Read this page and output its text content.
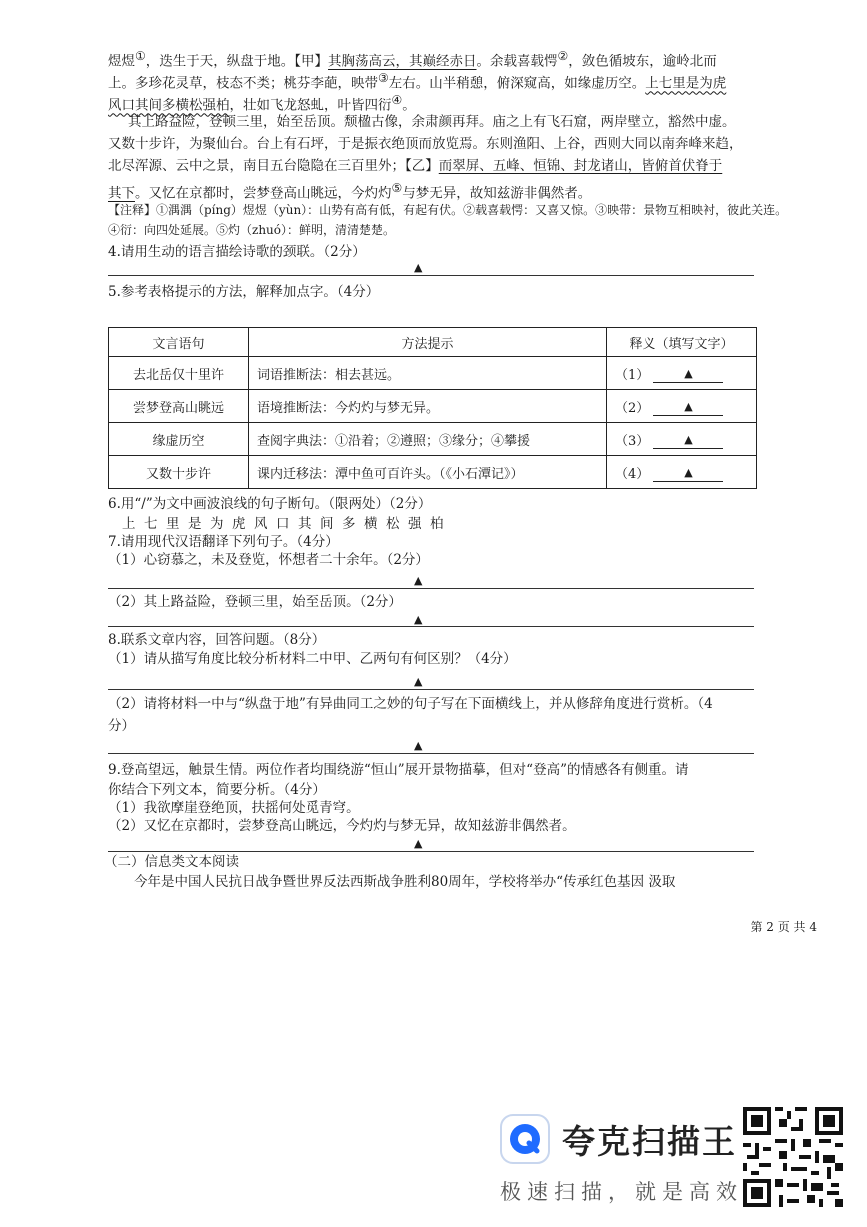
煜煜①，迭生于天，纵盘于地。【甲】其胸荡高云，其巅经赤日。余载喜载愕②，敛色循坡东，逾岭北而
上。多珍花灵草，枝态不类；桃芬李葩，映带③左右。山半稍憩，俯深窥高，如缘虚历空。上七里是为虎
风口其间多横松强柏，壮如飞龙怒虬，叶皆四衍④。
其上路益险，登顿三里，始至岳顶。颓楹古像，余肃颜再拜。庙之上有飞石窟，两岸壁立，豁然中虚。
又数十步许，为聚仙台。台上有石坪，于是振衣绝顶而放览焉。东则渔阳、上谷，西则大同以南奔峰来趋，
北尽浑源、云中之景，南目五台隐隐在三百里外；【乙】而翠屏、五峰、恒锦、封龙诸山，皆俯首伏脊于
其下。又忆在京都时，尝梦登高山眺远，今灼灼⑤与梦无异，故知兹游非偶然者。
【注释】①湡湡（píng）煜煜（yùn）：山势有高有低，有起有伏。②载喜载愕：又喜又惊。③映带：景物互相映衬，彼此关连。
④衍：向四处延展。⑤灼（zhuó）：鲜明，清清楚楚。
4.请用生动的语言描绘诗歌的颈联。（2分）
▲
5.参考表格提示的方法，解释加点字。（4分）
文言语句	方法提示	释义（填写文字）
去北岳仅十里许	词语推断法：相去甚远。	（1） ▲
尝梦登高山眺远	语境推断法：今灼灼与梦无异。	（2） ▲
缘虚历空	查阅字典法：①沿着；②遵照；③缘分；④攀援	（3） ▲
又数十步许	课内迁移法：潭中鱼可百许头。（《小石潭记》）	（4） ▲
6.用“/”为文中画波浪线的句子断句。（限两处）（2分）
上七里是为虎风口其间多横松强柏
7.请用现代汉语翻译下列句子。（4分）
（1）心窃慕之，未及登览，怀想者二十余年。（2分）
▲
（2）其上路益险，登顿三里，始至岳顶。（2分）
▲
8.联系文章内容，回答问题。（8分）
（1）请从描写角度比较分析材料二中甲、乙两句有何区别？（4分）
▲
（2）请将材料一中与“纵盘于地”有异曲同工之妙的句子写在下面横线上，并从修辞角度进行赏析。（4
分）
▲
9.登高望远，触景生情。两位作者均围绕游“恒山”展开景物描摹，但对“登高”的情感各有侧重。请
你结合下列文本，简要分析。（4分）
（1）我欲摩崖登绝顶，扶摇何处觅青穹。
（2）又忆在京都时，尝梦登高山眺远，今灼灼与梦无异，故知兹游非偶然者。
▲
（二）信息类文本阅读
今年是中国人民抗日战争暨世界反法西斯战争胜利80周年，学校将举办“传承红色基因 汲取
第 2 页 共 4
夸克扫描王
极速扫描，就是高效
